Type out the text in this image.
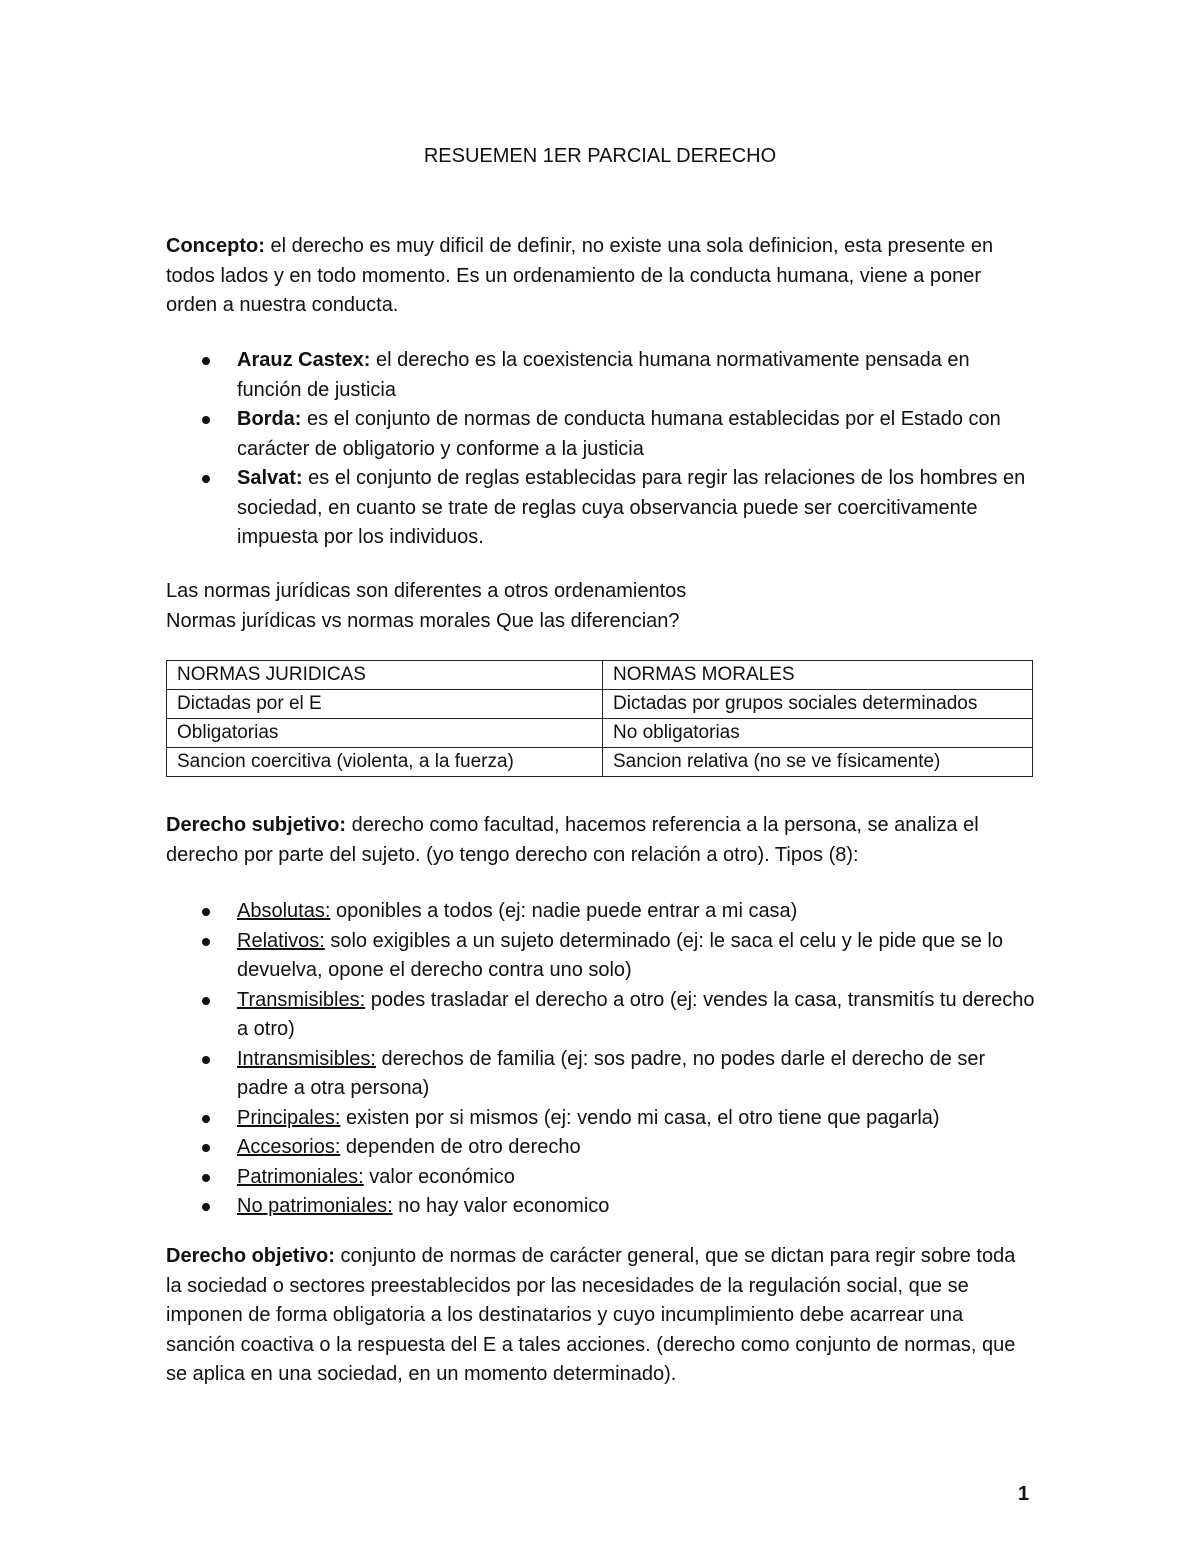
RESUEMEN 1ER PARCIAL DERECHO
Concepto: el derecho es muy dificil de definir, no existe una sola definicion, esta presente en todos lados y en todo momento. Es un ordenamiento de la conducta humana, viene a poner orden a nuestra conducta.
Arauz Castex: el derecho es la coexistencia humana normativamente pensada en función de justicia
Borda: es el conjunto de normas de conducta humana establecidas por el Estado con carácter de obligatorio y conforme a la justicia
Salvat: es el conjunto de reglas establecidas para regir las relaciones de los hombres en sociedad, en cuanto se trate de reglas cuya observancia puede ser coercitivamente impuesta por los individuos.
Las normas jurídicas son diferentes a otros ordenamientos
Normas jurídicas vs normas morales Que las diferencian?
NORMAS JURIDICAS	NORMAS MORALES
Dictadas por el E	Dictadas por grupos sociales determinados
Obligatorias	No obligatorias
Sancion coercitiva (violenta, a la fuerza)	Sancion relativa (no se ve físicamente)
Derecho subjetivo: derecho como facultad, hacemos referencia a la persona, se analiza el derecho por parte del sujeto. (yo tengo derecho con relación a otro). Tipos (8):
Absolutas: oponibles a todos (ej: nadie puede entrar a mi casa)
Relativos: solo exigibles a un sujeto determinado (ej: le saca el celu y le pide que se lo devuelva, opone el derecho contra uno solo)
Transmisibles: podes trasladar el derecho a otro (ej: vendes la casa, transmitís tu derecho a otro)
Intransmisibles: derechos de familia (ej: sos padre, no podes darle el derecho de ser padre a otra persona)
Principales: existen por si mismos (ej: vendo mi casa, el otro tiene que pagarla)
Accesorios: dependen de otro derecho
Patrimoniales: valor económico
No patrimoniales: no hay valor economico
Derecho objetivo: conjunto de normas de carácter general, que se dictan para regir sobre toda la sociedad o sectores preestablecidos por las necesidades de la regulación social, que se imponen de forma obligatoria a los destinatarios y cuyo incumplimiento debe acarrear una sanción coactiva o la respuesta del E a tales acciones. (derecho como conjunto de normas, que se aplica en una sociedad, en un momento determinado).
1
